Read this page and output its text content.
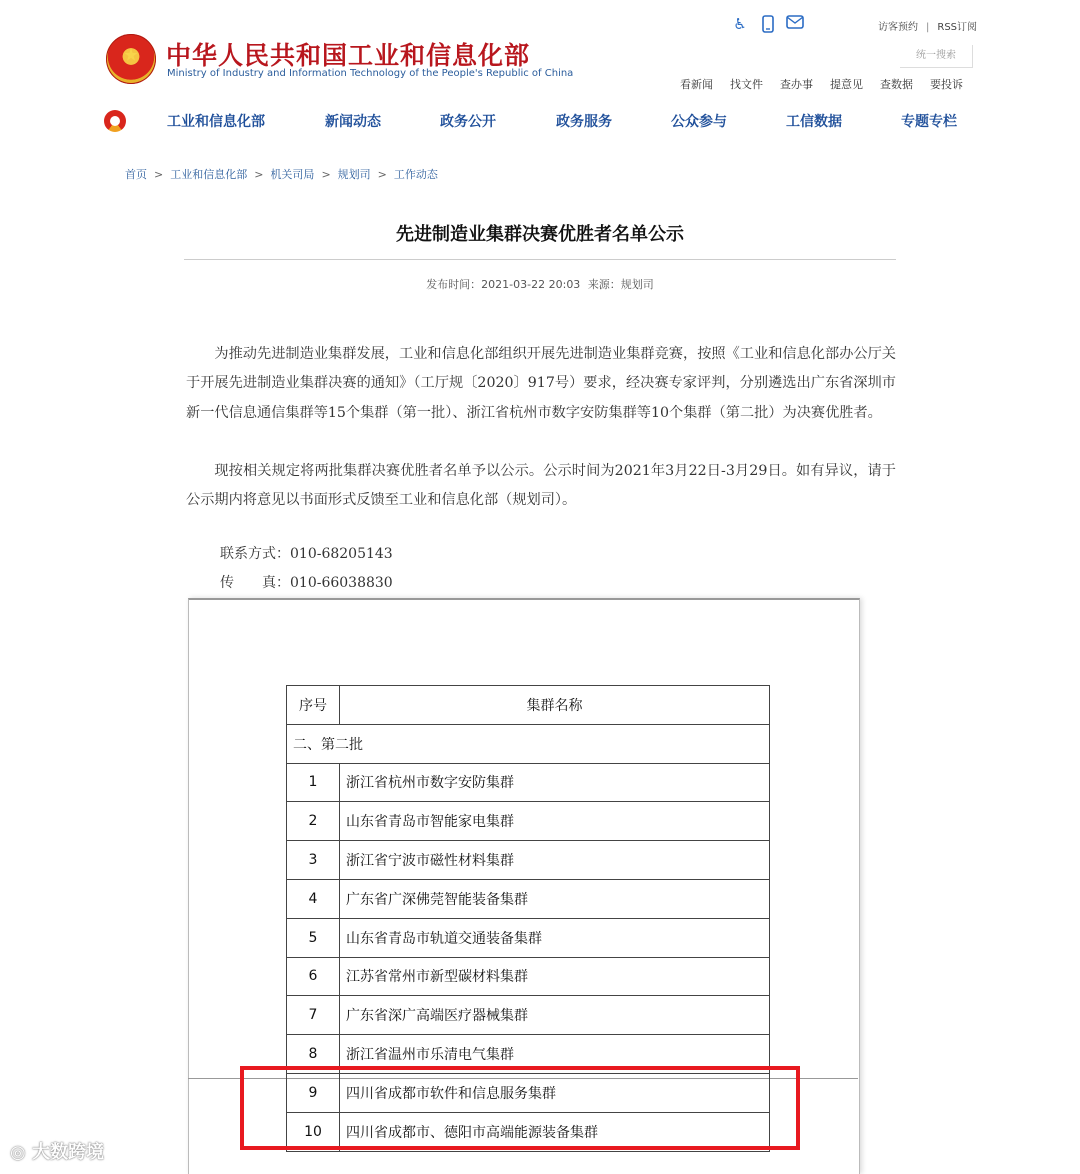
中华人民共和国工业和信息化部
Ministry of Industry and Information Technology of the People's Republic of China
♿	访客预约 | RSS订阅
统一搜索
看新闻 找文件 查办事 提意见 查数据 要投诉
工业和信息化部	新闻动态	政务公开	政务服务	公众参与	工信数据	专题专栏
首页 > 工业和信息化部 > 机关司局 > 规划司 > 工作动态
先进制造业集群决赛优胜者名单公示
发布时间：2021-03-22 20:03 来源：规划司

为推动先进制造业集群发展，工业和信息化部组织开展先进制造业集群竞赛，按照《工业和信息化部办公厅关于开展先进制造业集群决赛的通知》（工厅规〔2020〕917号）要求，经决赛专家评判，分别遴选出广东省深圳市新一代信息通信集群等15个集群（第一批）、浙江省杭州市数字安防集群等10个集群（第二批）为决赛优胜者。

现按相关规定将两批集群决赛优胜者名单予以公示。公示时间为2021年3月22日-3月29日。如有异议，请于公示期内将意见以书面形式反馈至工业和信息化部（规划司）。

联系方式：010-68205143
传　　真：010-66038830
序号	集群名称
二、第二批	
1	浙江省杭州市数字安防集群
2	山东省青岛市智能家电集群
3	浙江省宁波市磁性材料集群
4	广东省广深佛莞智能装备集群
5	山东省青岛市轨道交通装备集群
6	江苏省常州市新型碳材料集群
7	广东省深广高端医疗器械集群
8	浙江省温州市乐清电气集群
9	四川省成都市软件和信息服务集群
10	四川省成都市、德阳市高端能源装备集群
◎ 大数跨境
